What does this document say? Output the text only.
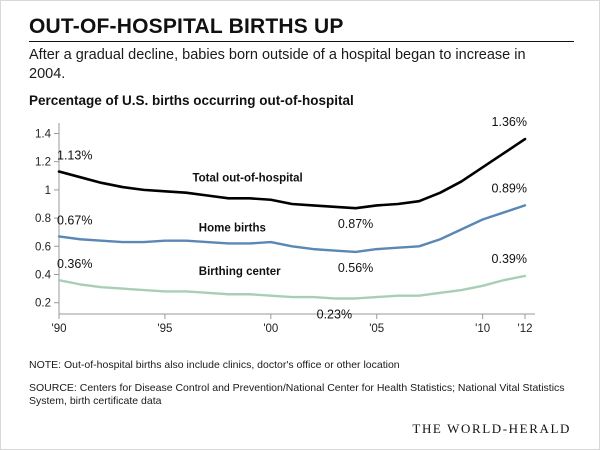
OUT-OF-HOSPITAL BIRTHS UP
After a gradual decline, babies born outside of a hospital began to increase in 2004.
Percentage of U.S. births occurring out-of-hospital
0.2
0.4
0.6
0.8
1
1.2
1.4
'90	'95	'00	'05	'10 '12
Total out-of-hospital
Home births
Birthing center
1.13%
0.87%
1.36%
0.67%
0.56%
0.89%
0.36%
0.23%
0.39%
NOTE: Out-of-hospital births also include clinics, doctor's office or other location
SOURCE: Centers for Disease Control and Prevention/National Center for Health Statistics; National Vital Statistics System, birth certificate data
THE WORLD-HERALD
